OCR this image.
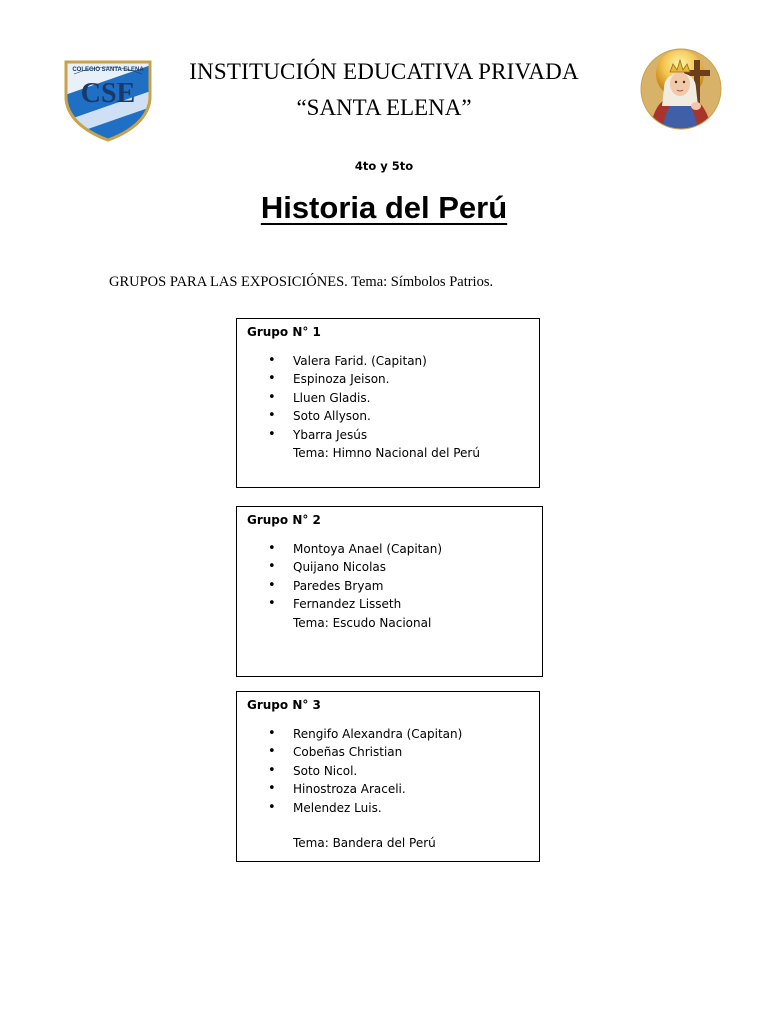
COLEGIO SANTA ELENA
CSE
INSTITUCIÓN EDUCATIVA PRIVADA
“SANTA ELENA”
4to y 5to
Historia del Perú
GRUPOS PARA LAS EXPOSICIÓNES. Tema: Símbolos Patrios.
Grupo N° 1
• Valera Farid. (Capitan)
• Espinoza Jeison.
• Lluen Gladis.
• Soto Allyson.
• Ybarra Jesús
Tema: Himno Nacional del Perú
Grupo N° 2
• Montoya Anael (Capitan)
• Quijano Nicolas
• Paredes Bryam
• Fernandez Lisseth
Tema: Escudo Nacional
Grupo N° 3
• Rengifo Alexandra (Capitan)
• Cobeñas Christian
• Soto Nicol.
• Hinostroza Araceli.
• Melendez Luis.
Tema: Bandera del Perú
